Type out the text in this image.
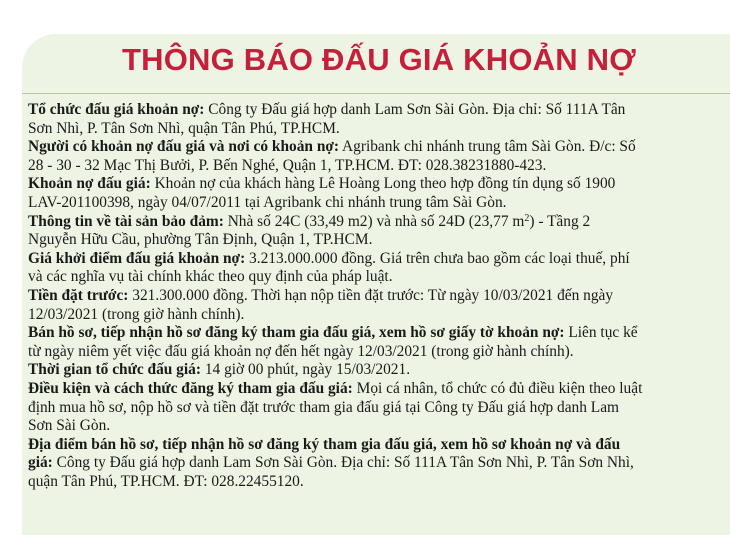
THÔNG BÁO ĐẤU GIÁ KHOẢN NỢ
Tổ chức đấu giá khoản nợ: Công ty Đấu giá hợp danh Lam Sơn Sài Gòn. Địa chỉ: Số 111A Tân
Sơn Nhì, P. Tân Sơn Nhì, quận Tân Phú, TP.HCM.
Người có khoản nợ đấu giá và nơi có khoản nợ: Agribank chi nhánh trung tâm Sài Gòn. Đ/c: Số
28 - 30 - 32 Mạc Thị Bưởi, P. Bến Nghé, Quận 1, TP.HCM. ĐT: 028.38231880-423.
Khoản nợ đấu giá: Khoản nợ của khách hàng Lê Hoàng Long theo hợp đồng tín dụng số 1900
LAV-201100398, ngày 04/07/2011 tại Agribank chi nhánh trung tâm Sài Gòn.
Thông tin về tài sản bảo đảm: Nhà số 24C (33,49 m2) và nhà số 24D (23,77 $m^2$) - Tầng 2
Nguyễn Hữu Cầu, phường Tân Định, Quận 1, TP.HCM.
Giá khởi điểm đấu giá khoản nợ: 3.213.000.000 đồng. Giá trên chưa bao gồm các loại thuế, phí
và các nghĩa vụ tài chính khác theo quy định của pháp luật.
Tiền đặt trước: 321.300.000 đồng. Thời hạn nộp tiền đặt trước: Từ ngày 10/03/2021 đến ngày
12/03/2021 (trong giờ hành chính).
Bán hồ sơ, tiếp nhận hồ sơ đăng ký tham gia đấu giá, xem hồ sơ giấy tờ khoản nợ: Liên tục kể
từ ngày niêm yết việc đấu giá khoản nợ đến hết ngày 12/03/2021 (trong giờ hành chính).
Thời gian tổ chức đấu giá: 14 giờ 00 phút, ngày 15/03/2021.
Điều kiện và cách thức đăng ký tham gia đấu giá: Mọi cá nhân, tổ chức có đủ điều kiện theo luật
định mua hồ sơ, nộp hồ sơ và tiền đặt trước tham gia đấu giá tại Công ty Đấu giá hợp danh Lam
Sơn Sài Gòn.
Địa điểm bán hồ sơ, tiếp nhận hồ sơ đăng ký tham gia đấu giá, xem hồ sơ khoản nợ và đấu
giá: Công ty Đấu giá hợp danh Lam Sơn Sài Gòn. Địa chỉ: Số 111A Tân Sơn Nhì, P. Tân Sơn Nhì,
quận Tân Phú, TP.HCM. ĐT: 028.22455120.
